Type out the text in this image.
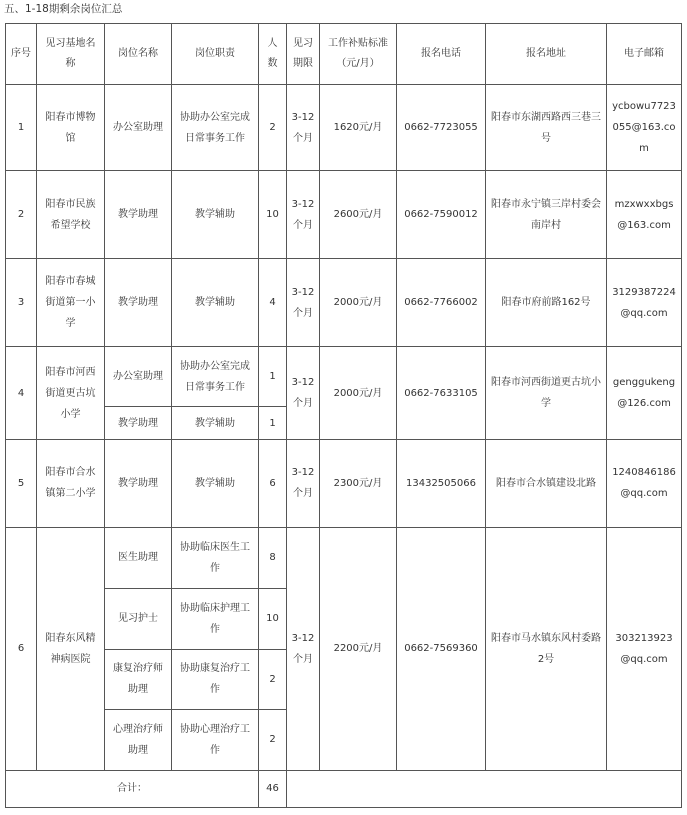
五、1-18期剩余岗位汇总
序号	见习基地名称	岗位名称	岗位职责	人数	见习期限	工作补贴标准（元/月）	报名电话	报名地址	电子邮箱
1	阳春市博物馆	办公室助理	协助办公室完成日常事务工作	2	3-12个月	1620元/月	0662-7723055	阳春市东湖西路西三巷三号	ycbowu7723055@163.com
2	阳春市民族希望学校	教学助理	教学辅助	10	3-12个月	2600元/月	0662-7590012	阳春市永宁镇三岸村委会南岸村	mzxwxxbgs@163.com
3	阳春市春城街道第一小学	教学助理	教学辅助	4	3-12个月	2000元/月	0662-7766002	阳春市府前路162号	3129387224@qq.com
4	阳春市河西街道更古坑小学	办公室助理	协助办公室完成日常事务工作	1	3-12个月	2000元/月	0662-7633105	阳春市河西街道更古坑小学	genggukeng@126.com
		教学助理	教学辅助	1					
5	阳春市合水镇第二小学	教学助理	教学辅助	6	3-12个月	2300元/月	13432505066	阳春市合水镇建设北路	1240846186@qq.com
6	阳春东风精神病医院	医生助理	协助临床医生工作	8	3-12个月	2200元/月	0662-7569360	阳春市马水镇东风村委路2号	303213923@qq.com
		见习护士	协助临床护理工作	10					
		康复治疗师助理	协助康复治疗工作	2					
		心理治疗师助理	协助心理治疗工作	2					
合计：				46					
